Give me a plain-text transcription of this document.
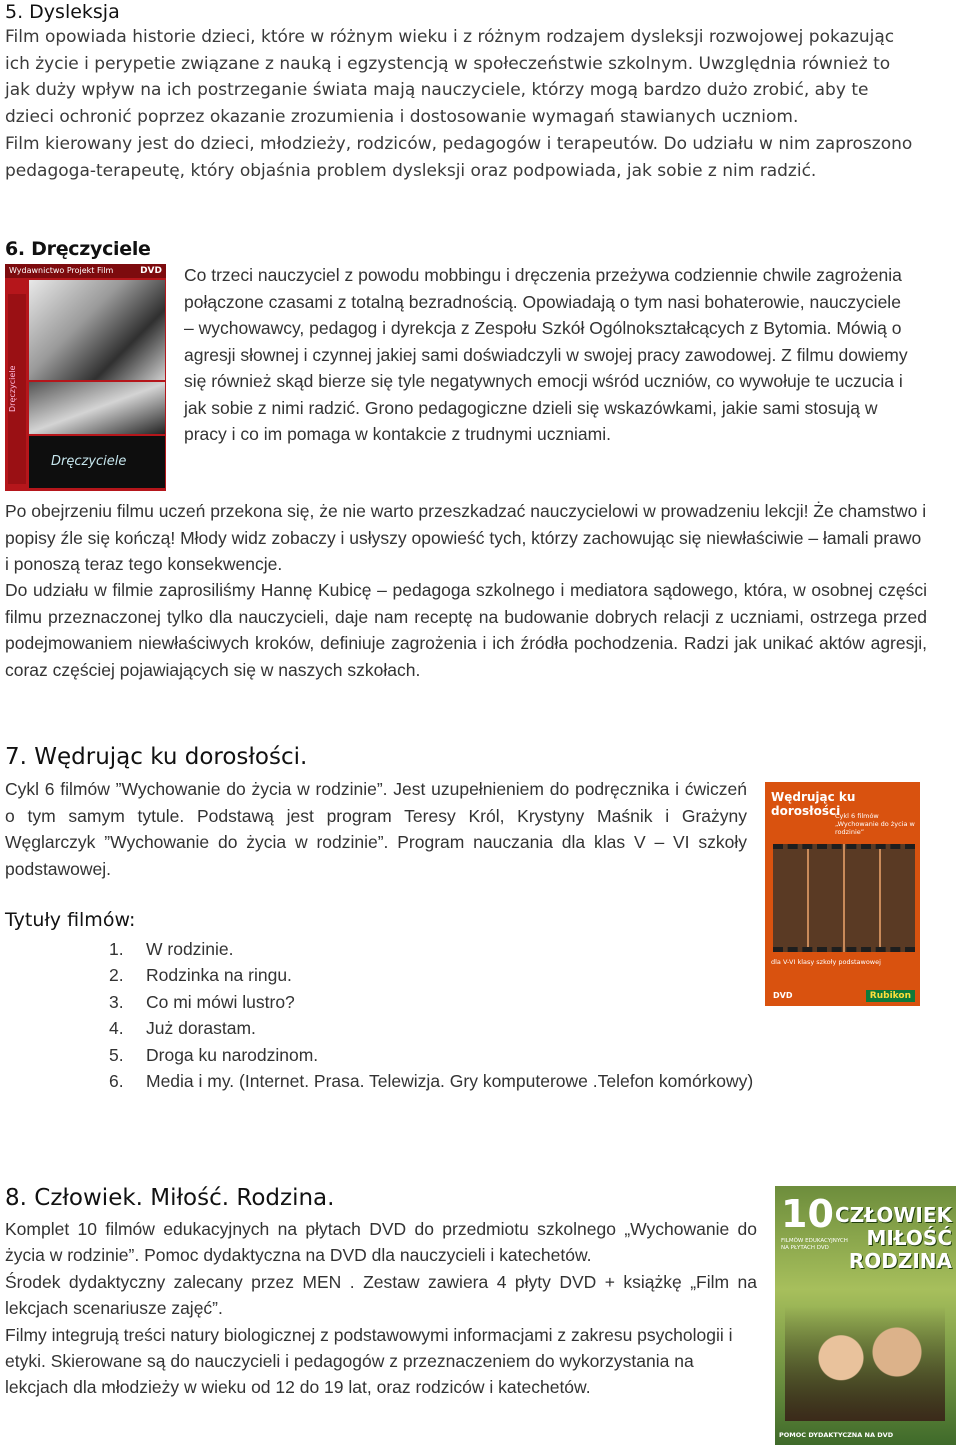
5. Dysleksja
Film opowiada historie dzieci, które w różnym wieku i z różnym rodzajem dysleksji rozwojowej pokazując ich życie i perypetie związane z nauką i egzystencją w społeczeństwie szkolnym. Uwzględnia również to jak duży wpływ na ich postrzeganie świata mają nauczyciele, którzy mogą bardzo dużo zrobić, aby te dzieci ochronić poprzez okazanie zrozumienia i dostosowanie wymagań stawianych uczniom.
Film kierowany jest do dzieci, młodzieży, rodziców, pedagogów i terapeutów. Do udziału w nim zaproszono pedagoga-terapeutę, który objaśnia problem dysleksji oraz podpowiada, jak sobie z nim radzić.
6. Dręczyciele
Wydawnictwo Projekt Film	DVD
Dręczyciele
Dręczyciele
Co trzeci nauczyciel z powodu mobbingu i dręczenia przeżywa codziennie chwile zagrożenia połączone czasami z totalną bezradnością. Opowiadają o tym nasi bohaterowie, nauczyciele – wychowawcy, pedagog i dyrekcja z Zespołu Szkół Ogólnokształcących z Bytomia. Mówią o agresji słownej i czynnej jakiej sami doświadczyli w swojej pracy zawodowej. Z filmu dowiemy się również skąd bierze się tyle negatywnych emocji wśród uczniów, co wywołuje te uczucia i jak sobie z nimi radzić. Grono pedagogiczne dzieli się wskazówkami, jakie sami stosują w pracy i co im pomaga w kontakcie z trudnymi uczniami.
Po obejrzeniu filmu uczeń przekona się, że nie warto przeszkadzać nauczycielowi w prowadzeniu lekcji! Że chamstwo i popisy źle się kończą! Młody widz zobaczy i usłyszy opowieść tych, którzy zachowując się niewłaściwie – łamali prawo i ponoszą teraz tego konsekwencje.
Do udziału w filmie zaprosiliśmy Hannę Kubicę – pedagoga szkolnego i mediatora sądowego, która, w osobnej części filmu przeznaczonej tylko dla nauczycieli, daje nam receptę na budowanie dobrych relacji z uczniami, ostrzega przed podejmowaniem niewłaściwych kroków, definiuje zagrożenia i ich źródła pochodzenia. Radzi jak unikać aktów agresji, coraz częściej pojawiających się w naszych szkołach.
7. Wędrując ku dorosłości.
Cykl 6 filmów ”Wychowanie do życia w rodzinie”. Jest uzupełnieniem do podręcznika i ćwiczeń o tym samym tytule. Podstawą jest program Teresy Król, Krystyny Maśnik i Grażyny Węglarczyk ”Wychowanie do życia w rodzinie”. Program nauczania dla klas V – VI szkoły podstawowej.
Wędrując ku dorosłości
Cykl 6 filmów „Wychowanie do życia w rodzinie”
dla V-VI klasy szkoły podstawowej
DVD	Rubikon
Tytuły filmów:
1.	W rodzinie.
2.	Rodzinka na ringu.
3.	Co mi mówi lustro?
4.	Już dorastam.
5.	Droga ku narodzinom.
6.	Media i my. (Internet. Prasa. Telewizja. Gry komputerowe .Telefon komórkowy)
8. Człowiek. Miłość. Rodzina.
Komplet 10 filmów edukacyjnych na płytach DVD do przedmiotu szkolnego „Wychowanie do życia w rodzinie”. Pomoc dydaktyczna na DVD dla nauczycieli i katechetów.
Środek dydaktyczny zalecany przez MEN . Zestaw zawiera 4 płyty DVD + książkę „Film na lekcjach scenariusze zajęć”.
Filmy integrują treści natury biologicznej z podstawowymi informacjami z zakresu psychologii i etyki. Skierowane są do nauczycieli i pedagogów z przeznaczeniem do wykorzystania na lekcjach dla młodzieży w wieku od 12 do 19 lat, oraz rodziców i katechetów.
10
FILMÓW EDUKACYJNYCH NA PŁYTACH DVD
CZŁOWIEK
MIŁOŚĆ
RODZINA
POMOC DYDAKTYCZNA NA DVD
